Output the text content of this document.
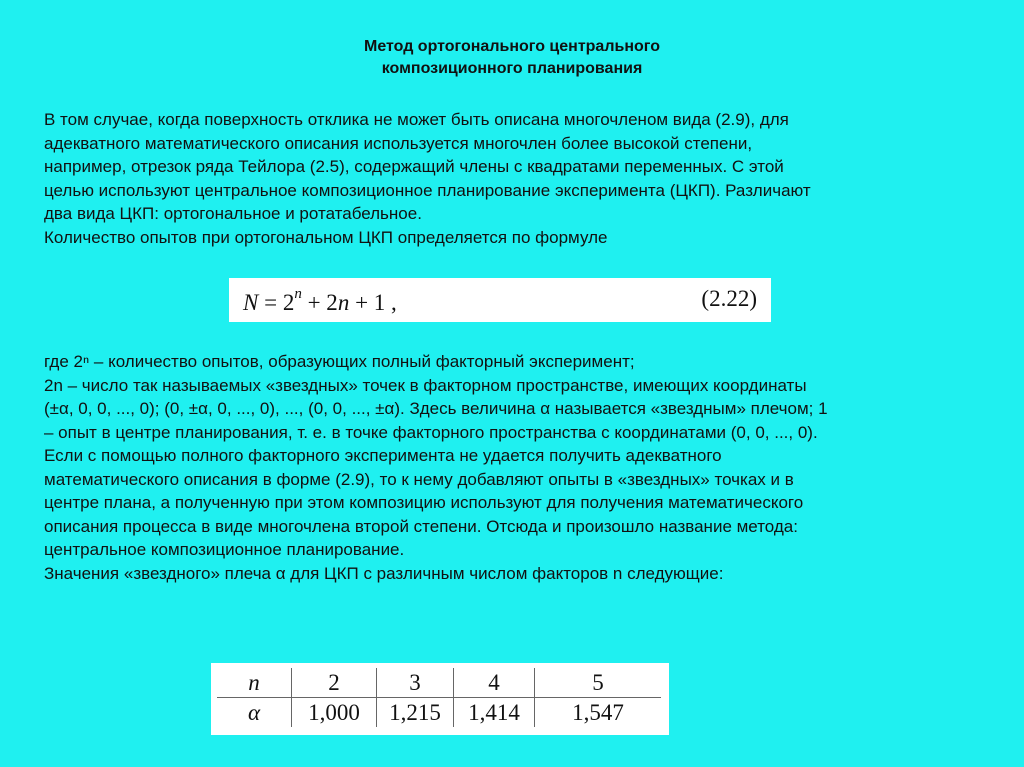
Метод ортогонального центрального
композиционного планирования
В том случае, когда поверхность отклика не может быть описана многочленом вида (2.9), для
адекватного математического описания используется многочлен более высокой степени,
например, отрезок ряда Тейлора (2.5), содержащий члены с квадратами переменных. С этой
целью используют центральное композиционное планирование эксперимента (ЦКП). Различают
два вида ЦКП: ортогональное и ротатабельное.
Количество опытов при ортогональном ЦКП определяется по формуле
$N = 2^n + 2n + 1$ ,	(2.22)
где 2ⁿ – количество опытов, образующих полный факторный эксперимент;
2n – число так называемых «звездных» точек в факторном пространстве, имеющих координаты
(±α, 0, 0, ..., 0); (0, ±α, 0, ..., 0), ..., (0, 0, ..., ±α). Здесь величина α называется «звездным» плечом; 1
– опыт в центре планирования, т. е. в точке факторного пространства с координатами (0, 0, ..., 0).
Если с помощью полного факторного эксперимента не удается получить адекватного
математического описания в форме (2.9), то к нему добавляют опыты в «звездных» точках и в
центре плана, а полученную при этом композицию используют для получения математического
описания процесса в виде многочлена второй степени. Отсюда и произошло название метода:
центральное композиционное планирование.
Значения «звездного» плеча α для ЦКП с различным числом факторов n следующие:
n	2	3	4	5
α	1,000	1,215	1,414	1,547
